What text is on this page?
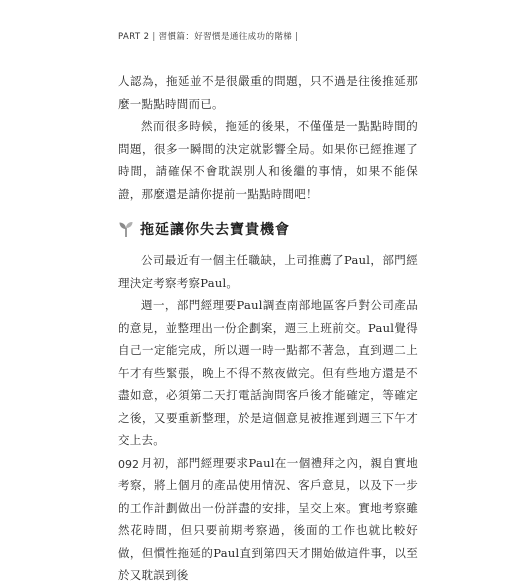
PART 2 | 習慣篇：好習慣是通往成功的階梯 |

人認為，拖延並不是很嚴重的問題，只不過是往後推延那麼一點點時間而已。

然而很多時候，拖延的後果，不僅僅是一點點時間的問題，很多一瞬間的決定就影響全局。如果你已經推遲了時間，請確保不會耽誤別人和後繼的事情，如果不能保證，那麼還是請你提前一點點時間吧！

拖延讓你失去寶貴機會

公司最近有一個主任職缺，上司推薦了Paul，部門經理決定考察考察Paul。

週一，部門經理要Paul調查南部地區客戶對公司產品的意見，並整理出一份企劃案，週三上班前交。Paul覺得自己一定能完成，所以週一時一點都不著急，直到週二上午才有些緊張，晚上不得不熬夜做完。但有些地方還是不盡如意，必須第二天打電話詢問客戶後才能確定，等確定之後，又要重新整理，於是這個意見被推遲到週三下午才交上去。

月初，部門經理要求Paul在一個禮拜之內，親自實地考察，將上個月的產品使用情況、客戶意見，以及下一步的工作計劃做出一份詳盡的安排，呈交上來。實地考察雖然花時間，但只要前期考察過，後面的工作也就比較好做，但慣性拖延的Paul直到第四天才開始做這件事，以至於又耽誤到後

092
